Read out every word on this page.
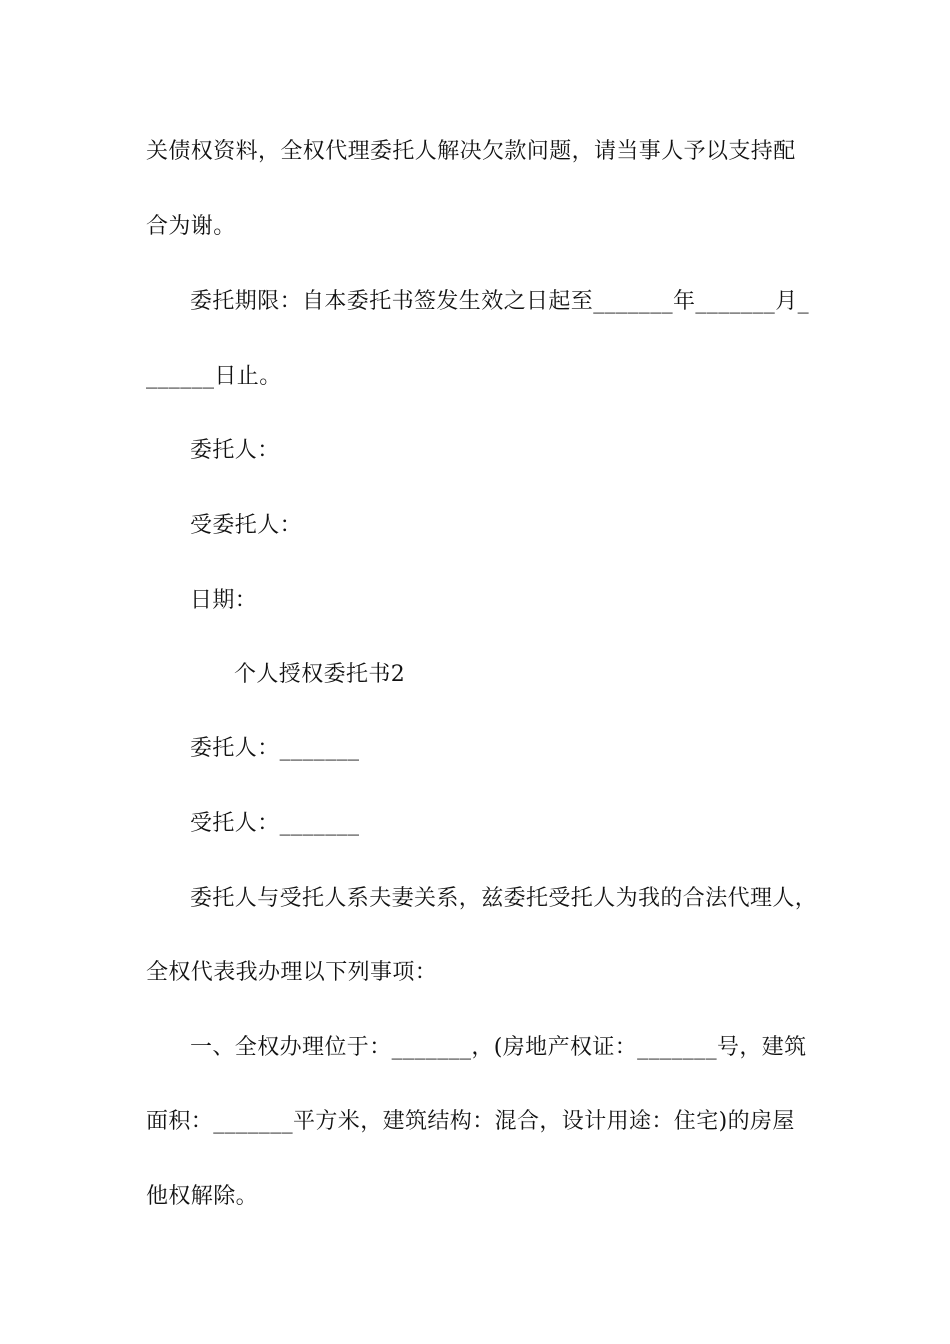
关债权资料，全权代理委托人解决欠款问题，请当事人予以支持配
合为谢。
委托期限：自本委托书签发生效之日起至_______年_______月_
______日止。
委托人：
受委托人：
日期：
个人授权委托书2
委托人：_______
受托人：_______
委托人与受托人系夫妻关系，兹委托受托人为我的合法代理人，
全权代表我办理以下列事项：
一、全权办理位于：_______，(房地产权证：_______号，建筑
面积：_______平方米，建筑结构：混合，设计用途：住宅)的房屋
他权解除。
